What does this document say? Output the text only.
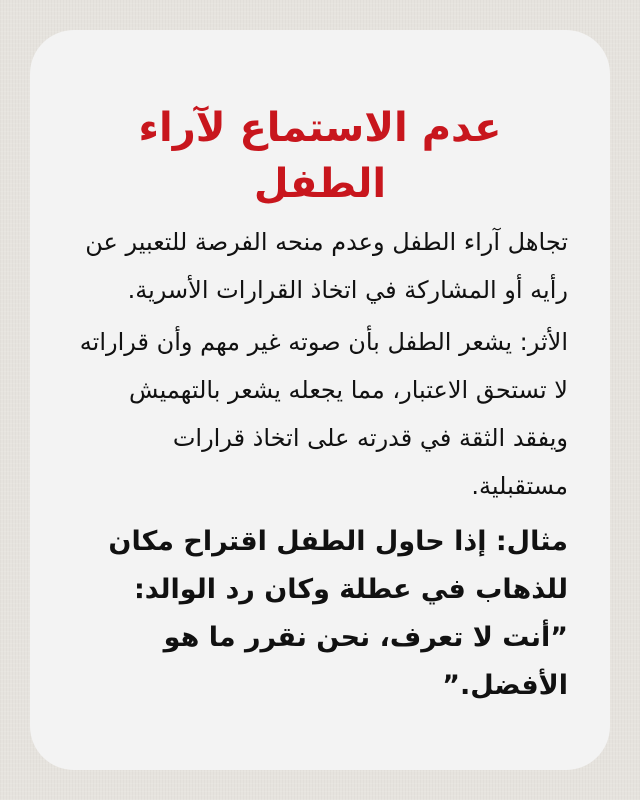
عدم الاستماع لآراء الطفل

تجاهل آراء الطفل وعدم منحه الفرصة للتعبير عن رأيه أو المشاركة في اتخاذ القرارات الأسرية.

الأثر: يشعر الطفل بأن صوته غير مهم وأن قراراته لا تستحق الاعتبار، مما يجعله يشعر بالتهميش ويفقد الثقة في قدرته على اتخاذ قرارات مستقبلية.

مثال: إذا حاول الطفل اقتراح مكان للذهاب في عطلة وكان رد الوالد: ”أنت لا تعرف، نحن نقرر ما هو الأفضل.”
